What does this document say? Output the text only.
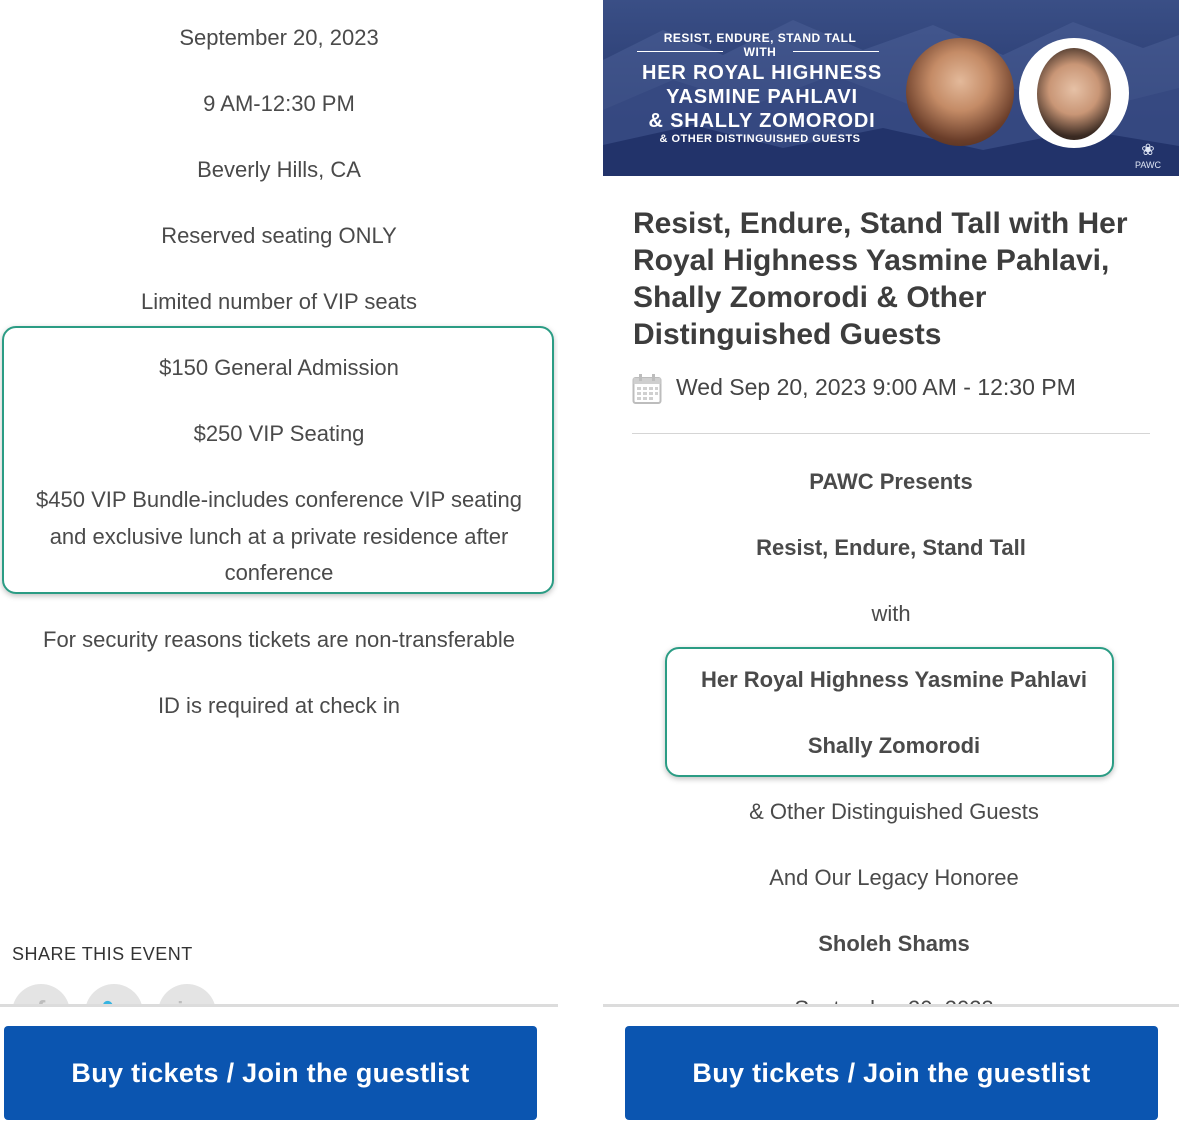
September 20, 2023
9 AM-12:30 PM
Beverly Hills, CA
Reserved seating ONLY
Limited number of VIP seats
$150 General Admission
$250 VIP Seating
$450 VIP Bundle-includes conference VIP seating
and exclusive lunch at a private residence after
conference
For security reasons tickets are non-transferable
ID is required at check in
SHARE THIS EVENT
Buy tickets / Join the guestlist
RESIST, ENDURE, STAND TALL
WITH
HER ROYAL HIGHNESS
YASMINE PAHLAVI
& SHALLY ZOMORODI
& OTHER DISTINGUISHED GUESTS
❀
PAWC
Resist, Endure, Stand Tall with Her Royal Highness Yasmine Pahlavi, Shally Zomorodi & Other Distinguished Guests
Wed Sep 20, 2023 9:00 AM - 12:30 PM
PAWC Presents
Resist, Endure, Stand Tall
with
Her Royal Highness Yasmine Pahlavi
Shally Zomorodi
& Other Distinguished Guests
And Our Legacy Honoree
Sholeh Shams
Buy tickets / Join the guestlist
